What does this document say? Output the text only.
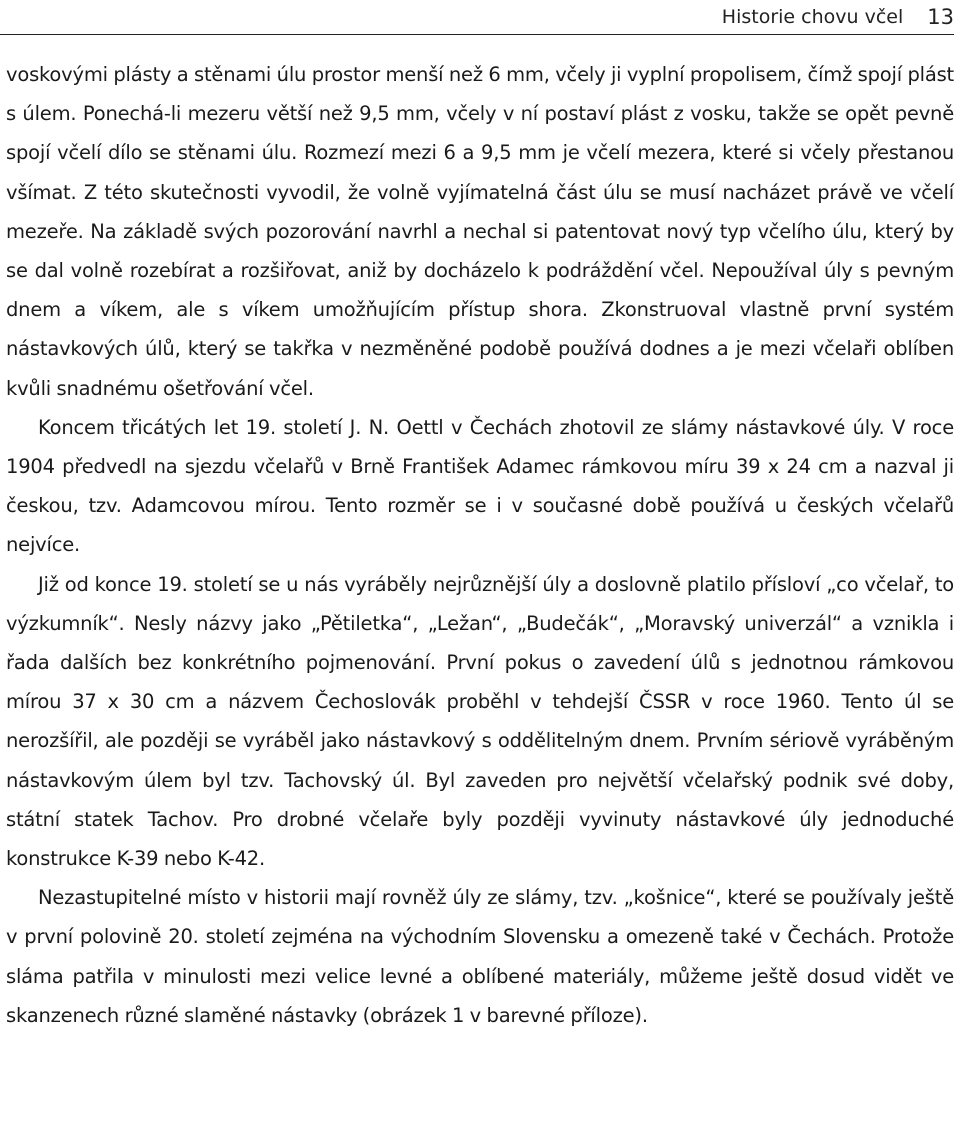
Historie chovu včel 13

voskovými plásty a stěnami úlu prostor menší než 6 mm, včely ji vyplní propolisem, čímž spojí plást s úlem. Ponechá-li mezeru větší než 9,5 mm, včely v ní postaví plást z vosku, takže se opět pevně spojí včelí dílo se stěnami úlu. Rozmezí mezi 6 a 9,5 mm je včelí mezera, které si včely přestanou všímat. Z této skutečnosti vyvodil, že volně vyjímatelná část úlu se musí nacházet právě ve včelí mezeře. Na základě svých pozorování navrhl a nechal si patentovat nový typ včelího úlu, který by se dal volně rozebírat a rozšiřovat, aniž by docházelo k podráždění včel. Nepoužíval úly s pevným dnem a víkem, ale s víkem umožňujícím přístup shora. Zkonstruoval vlastně první systém nástavkových úlů, který se takřka v nezměněné podobě používá dodnes a je mezi včelaři oblíben kvůli snadnému ošetřování včel.

Koncem třicátých let 19. století J. N. Oettl v Čechách zhotovil ze slámy nástavkové úly. V roce 1904 předvedl na sjezdu včelařů v Brně František Adamec rámkovou míru 39 x 24 cm a nazval ji českou, tzv. Adamcovou mírou. Tento rozměr se i v současné době používá u českých včelařů nejvíce.

Již od konce 19. století se u nás vyráběly nejrůznější úly a doslovně platilo přísloví „co včelař, to výzkumník“. Nesly názvy jako „Pětiletka“, „Ležan“, „Budečák“, „Moravský univerzál“ a vznikla i řada dalších bez konkrétního pojmenování. První pokus o zavedení úlů s jednotnou rámkovou mírou 37 x 30 cm a názvem Čechoslovák proběhl v tehdejší ČSSR v roce 1960. Tento úl se nerozšířil, ale později se vyráběl jako nástavkový s oddělitelným dnem. Prvním sériově vyráběným nástavkovým úlem byl tzv. Tachovský úl. Byl zaveden pro největší včelařský podnik své doby, státní statek Tachov. Pro drobné včelaře byly později vyvinuty nástavkové úly jednoduché konstrukce K-39 nebo K-42.

Nezastupitelné místo v historii mají rovněž úly ze slámy, tzv. „košnice“, které se používaly ještě v první polovině 20. století zejména na východním Slovensku a omezeně také v Čechách. Protože sláma patřila v minulosti mezi velice levné a oblíbené materiály, můžeme ještě dosud vidět ve skanzenech různé slaměné nástavky (obrázek 1 v barevné příloze).
